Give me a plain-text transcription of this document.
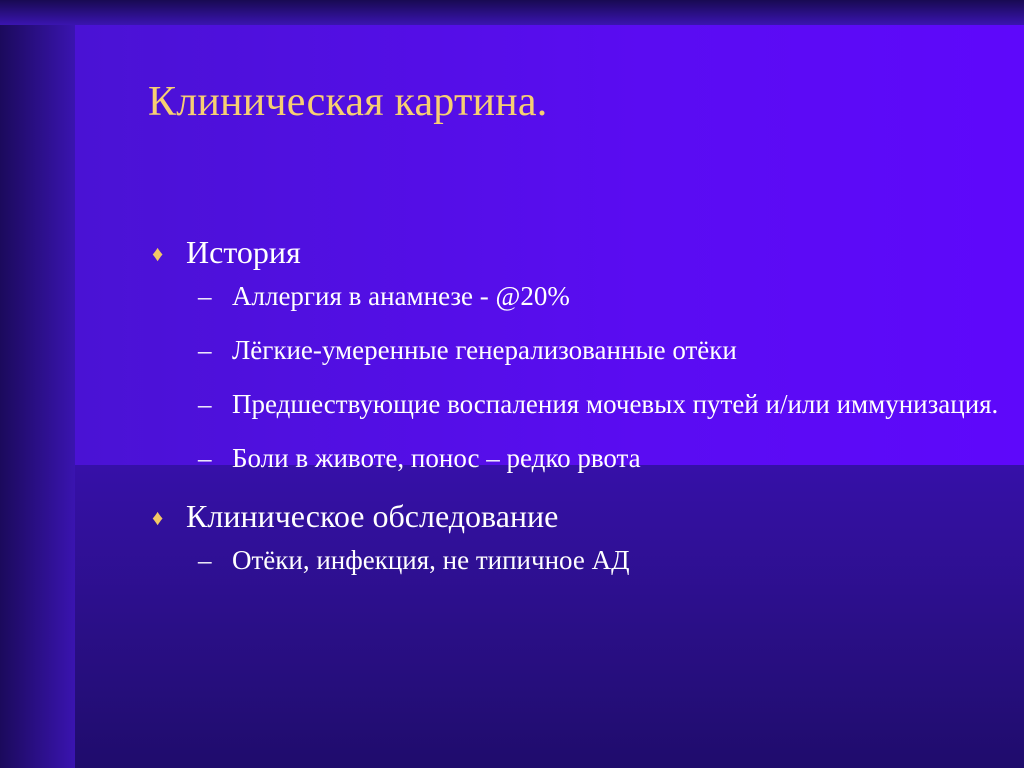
Клиническая картина.
♦ История
– Аллергия в анамнезе - @20%
– Лёгкие-умеренные генерализованные отёки
– Предшествующие воспаления мочевых путей и/или иммунизация.
– Боли в животе, понос – редко рвота
♦ Клиническое обследование
– Отёки, инфекция, не типичное АД
